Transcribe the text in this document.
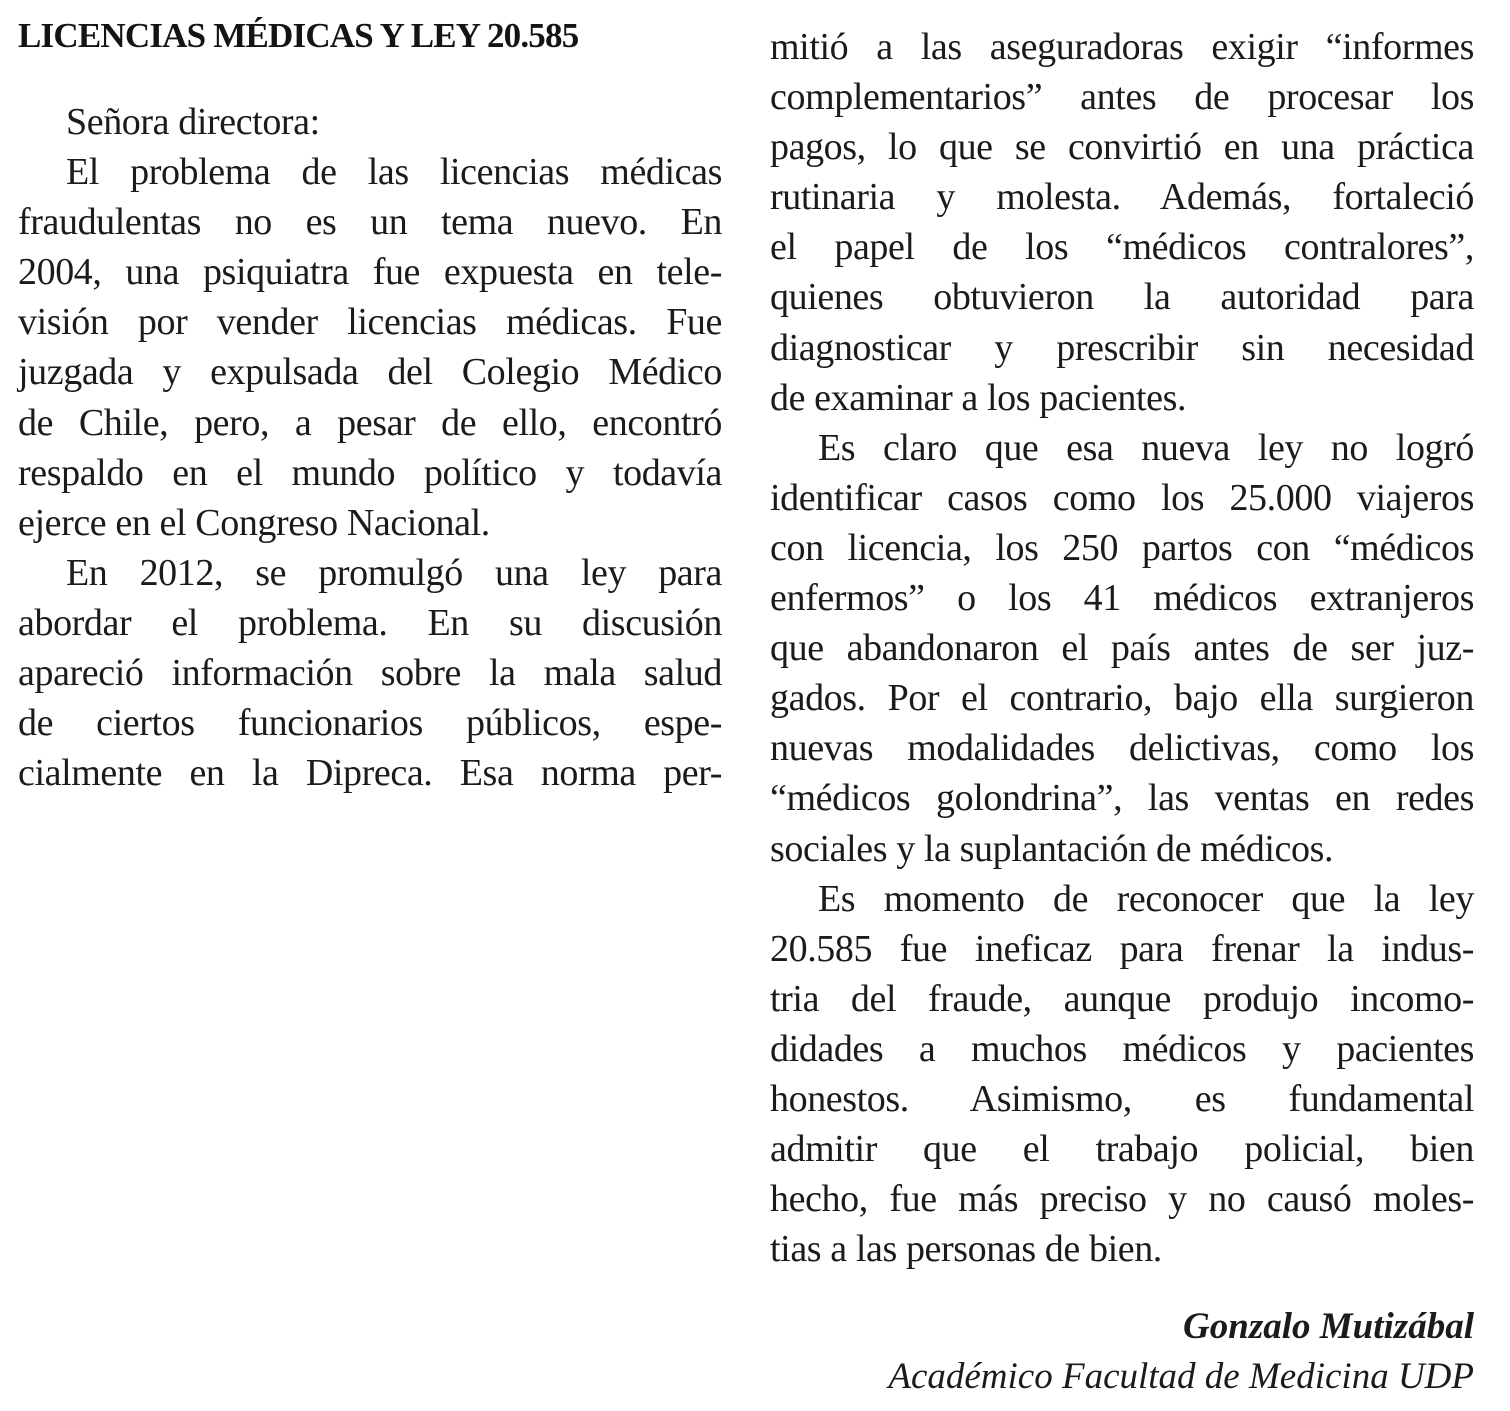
LICENCIAS MÉDICAS Y LEY 20.585
Señora directora:
El problema de las licencias médicas
fraudulentas no es un tema nuevo. En
2004, una psiquiatra fue expuesta en tele-
visión por vender licencias médicas. Fue
juzgada y expulsada del Colegio Médico
de Chile, pero, a pesar de ello, encontró
respaldo en el mundo político y todavía
ejerce en el Congreso Nacional.
En 2012, se promulgó una ley para
abordar el problema. En su discusión
apareció información sobre la mala salud
de ciertos funcionarios públicos, espe-
cialmente en la Dipreca. Esa norma per-
mitió a las aseguradoras exigir “informes
complementarios” antes de procesar los
pagos, lo que se convirtió en una práctica
rutinaria y molesta. Además, fortaleció
el papel de los “médicos contralores”,
quienes obtuvieron la autoridad para
diagnosticar y prescribir sin necesidad
de examinar a los pacientes.
Es claro que esa nueva ley no logró
identificar casos como los 25.000 viajeros
con licencia, los 250 partos con “médicos
enfermos” o los 41 médicos extranjeros
que abandonaron el país antes de ser juz-
gados. Por el contrario, bajo ella surgieron
nuevas modalidades delictivas, como los
“médicos golondrina”, las ventas en redes
sociales y la suplantación de médicos.
Es momento de reconocer que la ley
20.585 fue ineficaz para frenar la indus-
tria del fraude, aunque produjo incomo-
didades a muchos médicos y pacientes
honestos. Asimismo, es fundamental
admitir que el trabajo policial, bien
hecho, fue más preciso y no causó moles-
tias a las personas de bien.
Gonzalo Mutizábal
Académico Facultad de Medicina UDP
